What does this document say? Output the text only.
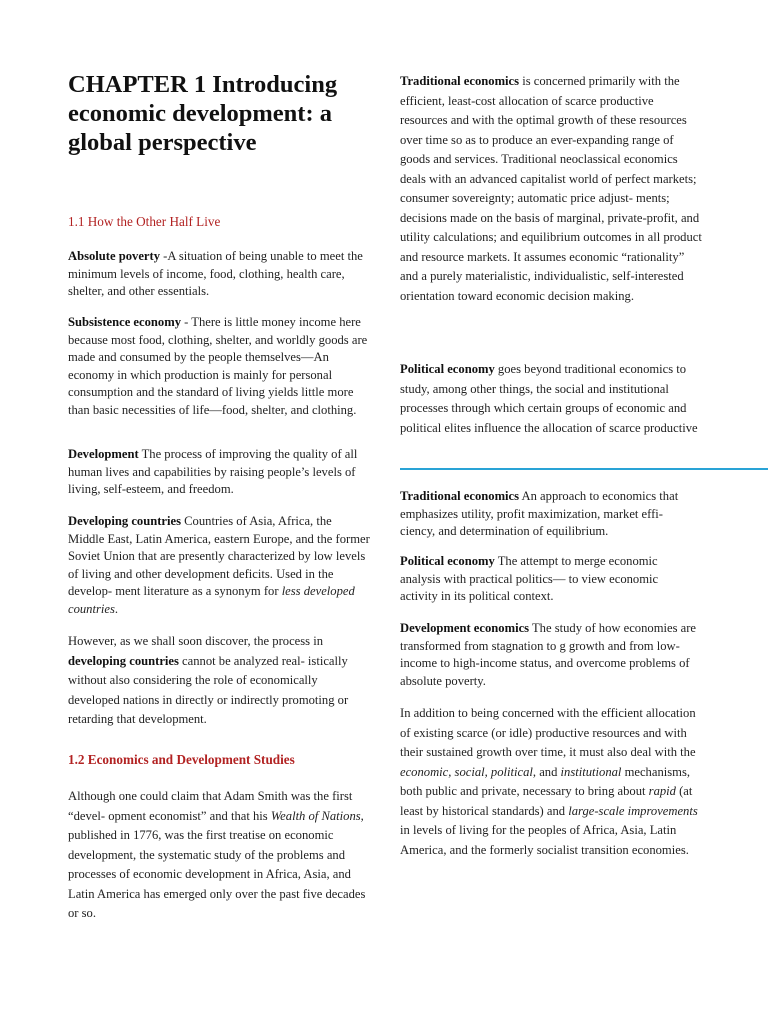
CHAPTER 1 Introducing economic development: a global perspective
1.1 How the Other Half Live

Absolute poverty -A situation of being unable to meet the minimum levels of income, food, clothing, health care, shelter, and other essentials.

Subsistence economy - There is little money income here because most food, clothing, shelter, and worldly goods are made and consumed by the people themselves—An economy in which production is mainly for personal consumption and the standard of living yields little more than basic necessities of life—food, shelter, and clothing.

Development The process of improving the quality of all human lives and capabilities by raising people’s levels of living, self-esteem, and freedom.

Developing countries Countries of Asia, Africa, the Middle East, Latin America, eastern Europe, and the former Soviet Union that are presently characterized by low levels of living and other development deficits. Used in the develop- ment literature as a synonym for less developed countries.

However, as we shall soon discover, the process in developing countries cannot be analyzed real- istically without also considering the role of economically developed nations in directly or indirectly promoting or retarding that development.

1.2 Economics and Development Studies

Although one could claim that Adam Smith was the first “devel- opment economist” and that his Wealth of Nations, published in 1776, was the first treatise on economic development, the systematic study of the problems and processes of economic development in Africa, Asia, and Latin America has emerged only over the past five decades or so.

Traditional economics is concerned primarily with the efficient, least-cost allocation of scarce productive resources and with the optimal growth of these resources over time so as to produce an ever-expanding range of goods and services. Traditional neoclassical economics deals with an advanced capitalist world of perfect markets; consumer sovereignty; automatic price adjust- ments; decisions made on the basis of marginal, private-profit, and utility calculations; and equilibrium outcomes in all product and resource markets. It assumes economic “rationality” and a purely materialistic, individualistic, self-interested orientation toward economic decision making.

Political economy goes beyond traditional economics to study, among other things, the social and institutional processes through which certain groups of economic and political elites influence the allocation of scarce productive

Traditional economics An approach to economics that emphasizes utility, profit maximization, market effi- ciency, and determination of equilibrium.

Political economy The attempt to merge economic analysis with practical politics— to view economic activity in its political context.

Development economics The study of how economies are transformed from stagnation to g growth and from low- income to high-income status, and overcome problems of absolute poverty.

In addition to being concerned with the efficient allocation of existing scarce (or idle) productive resources and with their sustained growth over time, it must also deal with the economic, social, political, and institutional mechanisms, both public and private, necessary to bring about rapid (at least by historical standards) and large-scale improvements in levels of living for the peoples of Africa, Asia, Latin America, and the formerly socialist transition economies.
